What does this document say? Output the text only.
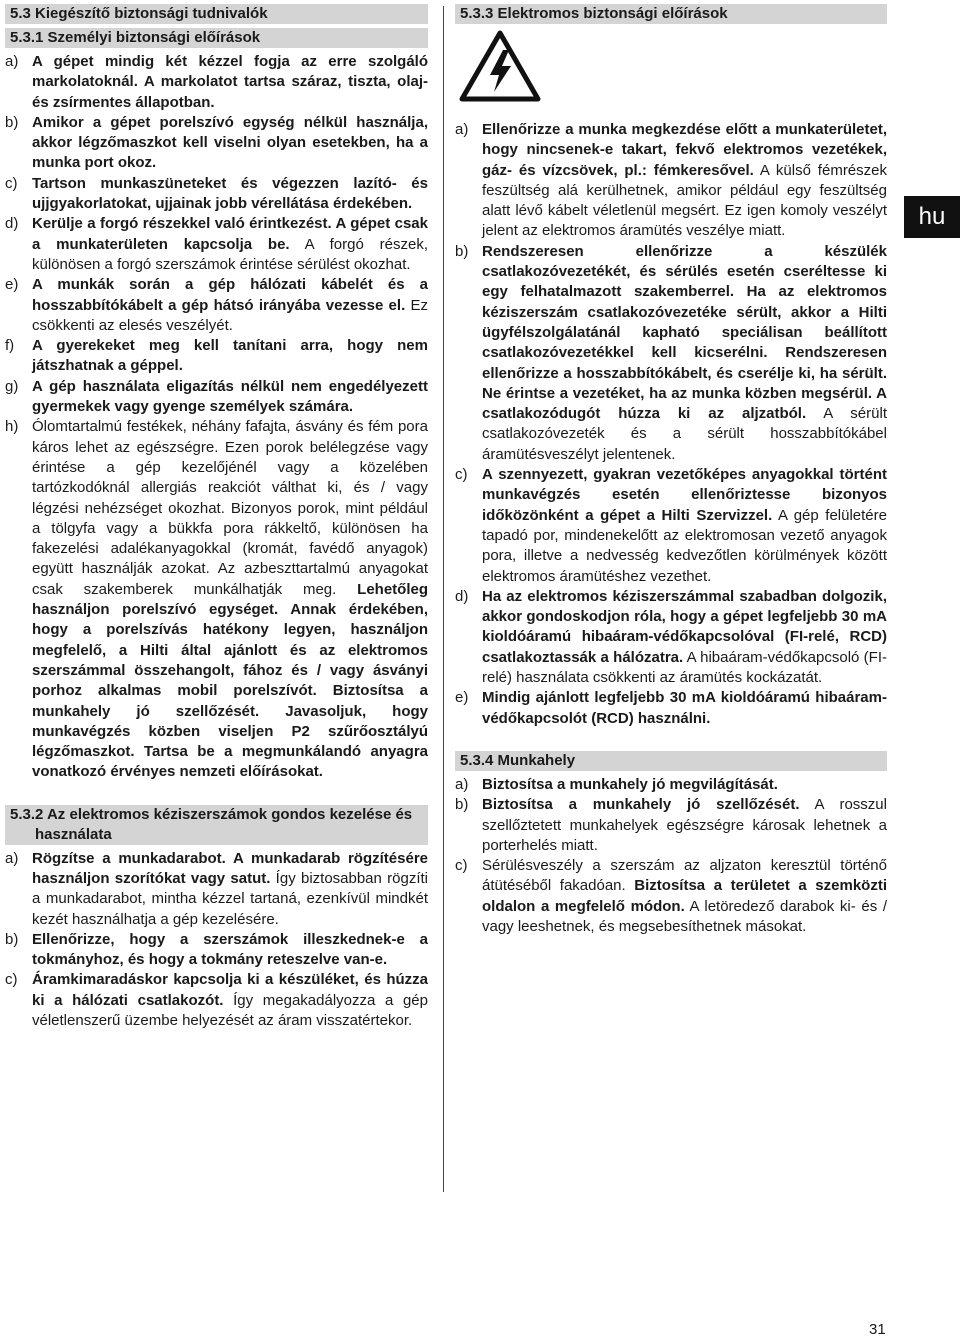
5.3 Kiegészítő biztonsági tudnivalók
5.3.1 Személyi biztonsági előírások

a) A gépet mindig két kézzel fogja az erre szolgáló markolatoknál. A markolatot tartsa száraz, tiszta, olaj- és zsírmentes állapotban.

b) Amikor a gépet porelszívó egység nélkül használja, akkor légzőmaszkot kell viselni olyan esetekben, ha a munka port okoz.

c) Tartson munkaszüneteket és végezzen lazító- és ujjgyakorlatokat, ujjainak jobb vérellátása érdekében.

d) Kerülje a forgó részekkel való érintkezést. A gépet csak a munkaterületen kapcsolja be. A forgó részek, különösen a forgó szerszámok érintése sérülést okozhat.

e) A munkák során a gép hálózati kábelét és a hosszabbítókábelt a gép hátsó irányába vezesse el. Ez csökkenti az elesés veszélyét.

f) A gyerekeket meg kell tanítani arra, hogy nem játszhatnak a géppel.

g) A gép használata eligazítás nélkül nem engedélyezett gyermekek vagy gyenge személyek számára.

h) Ólomtartalmú festékek, néhány fafajta, ásvány és fém pora káros lehet az egészségre. Ezen porok belélegzése vagy érintése a gép kezelőjénél vagy a közelében tartózkodóknál allergiás reakciót válthat ki, és / vagy légzési nehézséget okozhat. Bizonyos porok, mint például a tölgyfa vagy a bükkfa pora rákkeltő, különösen ha fakezelési adalékanyagokkal (kromát, favédő anyagok) együtt használják azokat. Az azbeszttartalmú anyagokat csak szakemberek munkálhatják meg. Lehetőleg használjon porelszívó egységet. Annak érdekében, hogy a porelszívás hatékony legyen, használjon megfelelő, a Hilti által ajánlott és az elektromos szerszámmal összehangolt, fához és / vagy ásványi porhoz alkalmas mobil porelszívót. Biztosítsa a munkahely jó szellőzését. Javasoljuk, hogy munkavégzés közben viseljen P2 szűrőosztályú légzőmaszkot. Tartsa be a megmunkálandó anyagra vonatkozó érvényes nemzeti előírásokat.

5.3.2 Az elektromos kéziszerszámok gondos kezelése és használata

a) Rögzítse a munkadarabot. A munkadarab rögzítésére használjon szorítókat vagy satut. Így biztosabban rögzíti a munkadarabot, mintha kézzel tartaná, ezenkívül mindkét kezét használhatja a gép kezelésére.

b) Ellenőrizze, hogy a szerszámok illeszkednek-e a tokmányhoz, és hogy a tokmány reteszelve van-e.

c) Áramkimaradáskor kapcsolja ki a készüléket, és húzza ki a hálózati csatlakozót. Így megakadályozza a gép véletlenszerű üzembe helyezését az áram visszatértekor.

5.3.3 Elektromos biztonsági előírások

a) Ellenőrizze a munka megkezdése előtt a munkaterületet, hogy nincsenek-e takart, fekvő elektromos vezetékek, gáz- és vízcsövek, pl.: fémkeresővel. A külső fémrészek feszültség alá kerülhetnek, amikor például egy feszültség alatt lévő kábelt véletlenül megsért. Ez igen komoly veszélyt jelent az elektromos áramütés veszélye miatt.

b) Rendszeresen ellenőrizze a készülék csatlakozóvezetékét, és sérülés esetén cseréltesse ki egy felhatalmazott szakemberrel. Ha az elektromos kéziszerszám csatlakozóvezetéke sérült, akkor a Hilti ügyfélszolgálatánál kapható speciálisan beállított csatlakozóvezetékkel kell kicserélni. Rendszeresen ellenőrizze a hosszabbítókábelt, és cserélje ki, ha sérült. Ne érintse a vezetéket, ha az munka közben megsérül. A csatlakozódugót húzza ki az aljzatból. A sérült csatlakozóvezeték és a sérült hosszabbítókábel áramütésveszélyt jelentenek.

c) A szennyezett, gyakran vezetőképes anyagokkal történt munkavégzés esetén ellenőriztesse bizonyos időközönként a gépet a Hilti Szervizzel. A gép felületére tapadó por, mindenekelőtt az elektromosan vezető anyagok pora, illetve a nedvesség kedvezőtlen körülmények között elektromos áramütéshez vezethet.

d) Ha az elektromos kéziszerszámmal szabadban dolgozik, akkor gondoskodjon róla, hogy a gépet legfeljebb 30 mA kioldóáramú hibaáram-védőkapcsolóval (FI-relé, RCD) csatlakoztassák a hálózatra. A hibaáram-védőkapcsoló (FI-relé) használata csökkenti az áramütés kockázatát.

e) Mindig ajánlott legfeljebb 30 mA kioldóáramú hibaáram-védőkapcsolót (RCD) használni.

5.3.4 Munkahely

a) Biztosítsa a munkahely jó megvilágítását.

b) Biztosítsa a munkahely jó szellőzését. A rosszul szellőztetett munkahelyek egészségre károsak lehetnek a porterhelés miatt.

c) Sérülésveszély a szerszám az aljzaton keresztül történő átütéséből fakadóan. Biztosítsa a területet a szemközti oldalon a megfelelő módon. A letöredező darabok ki- és / vagy leeshetnek, és megsebesíthetnek másokat.

hu
31
